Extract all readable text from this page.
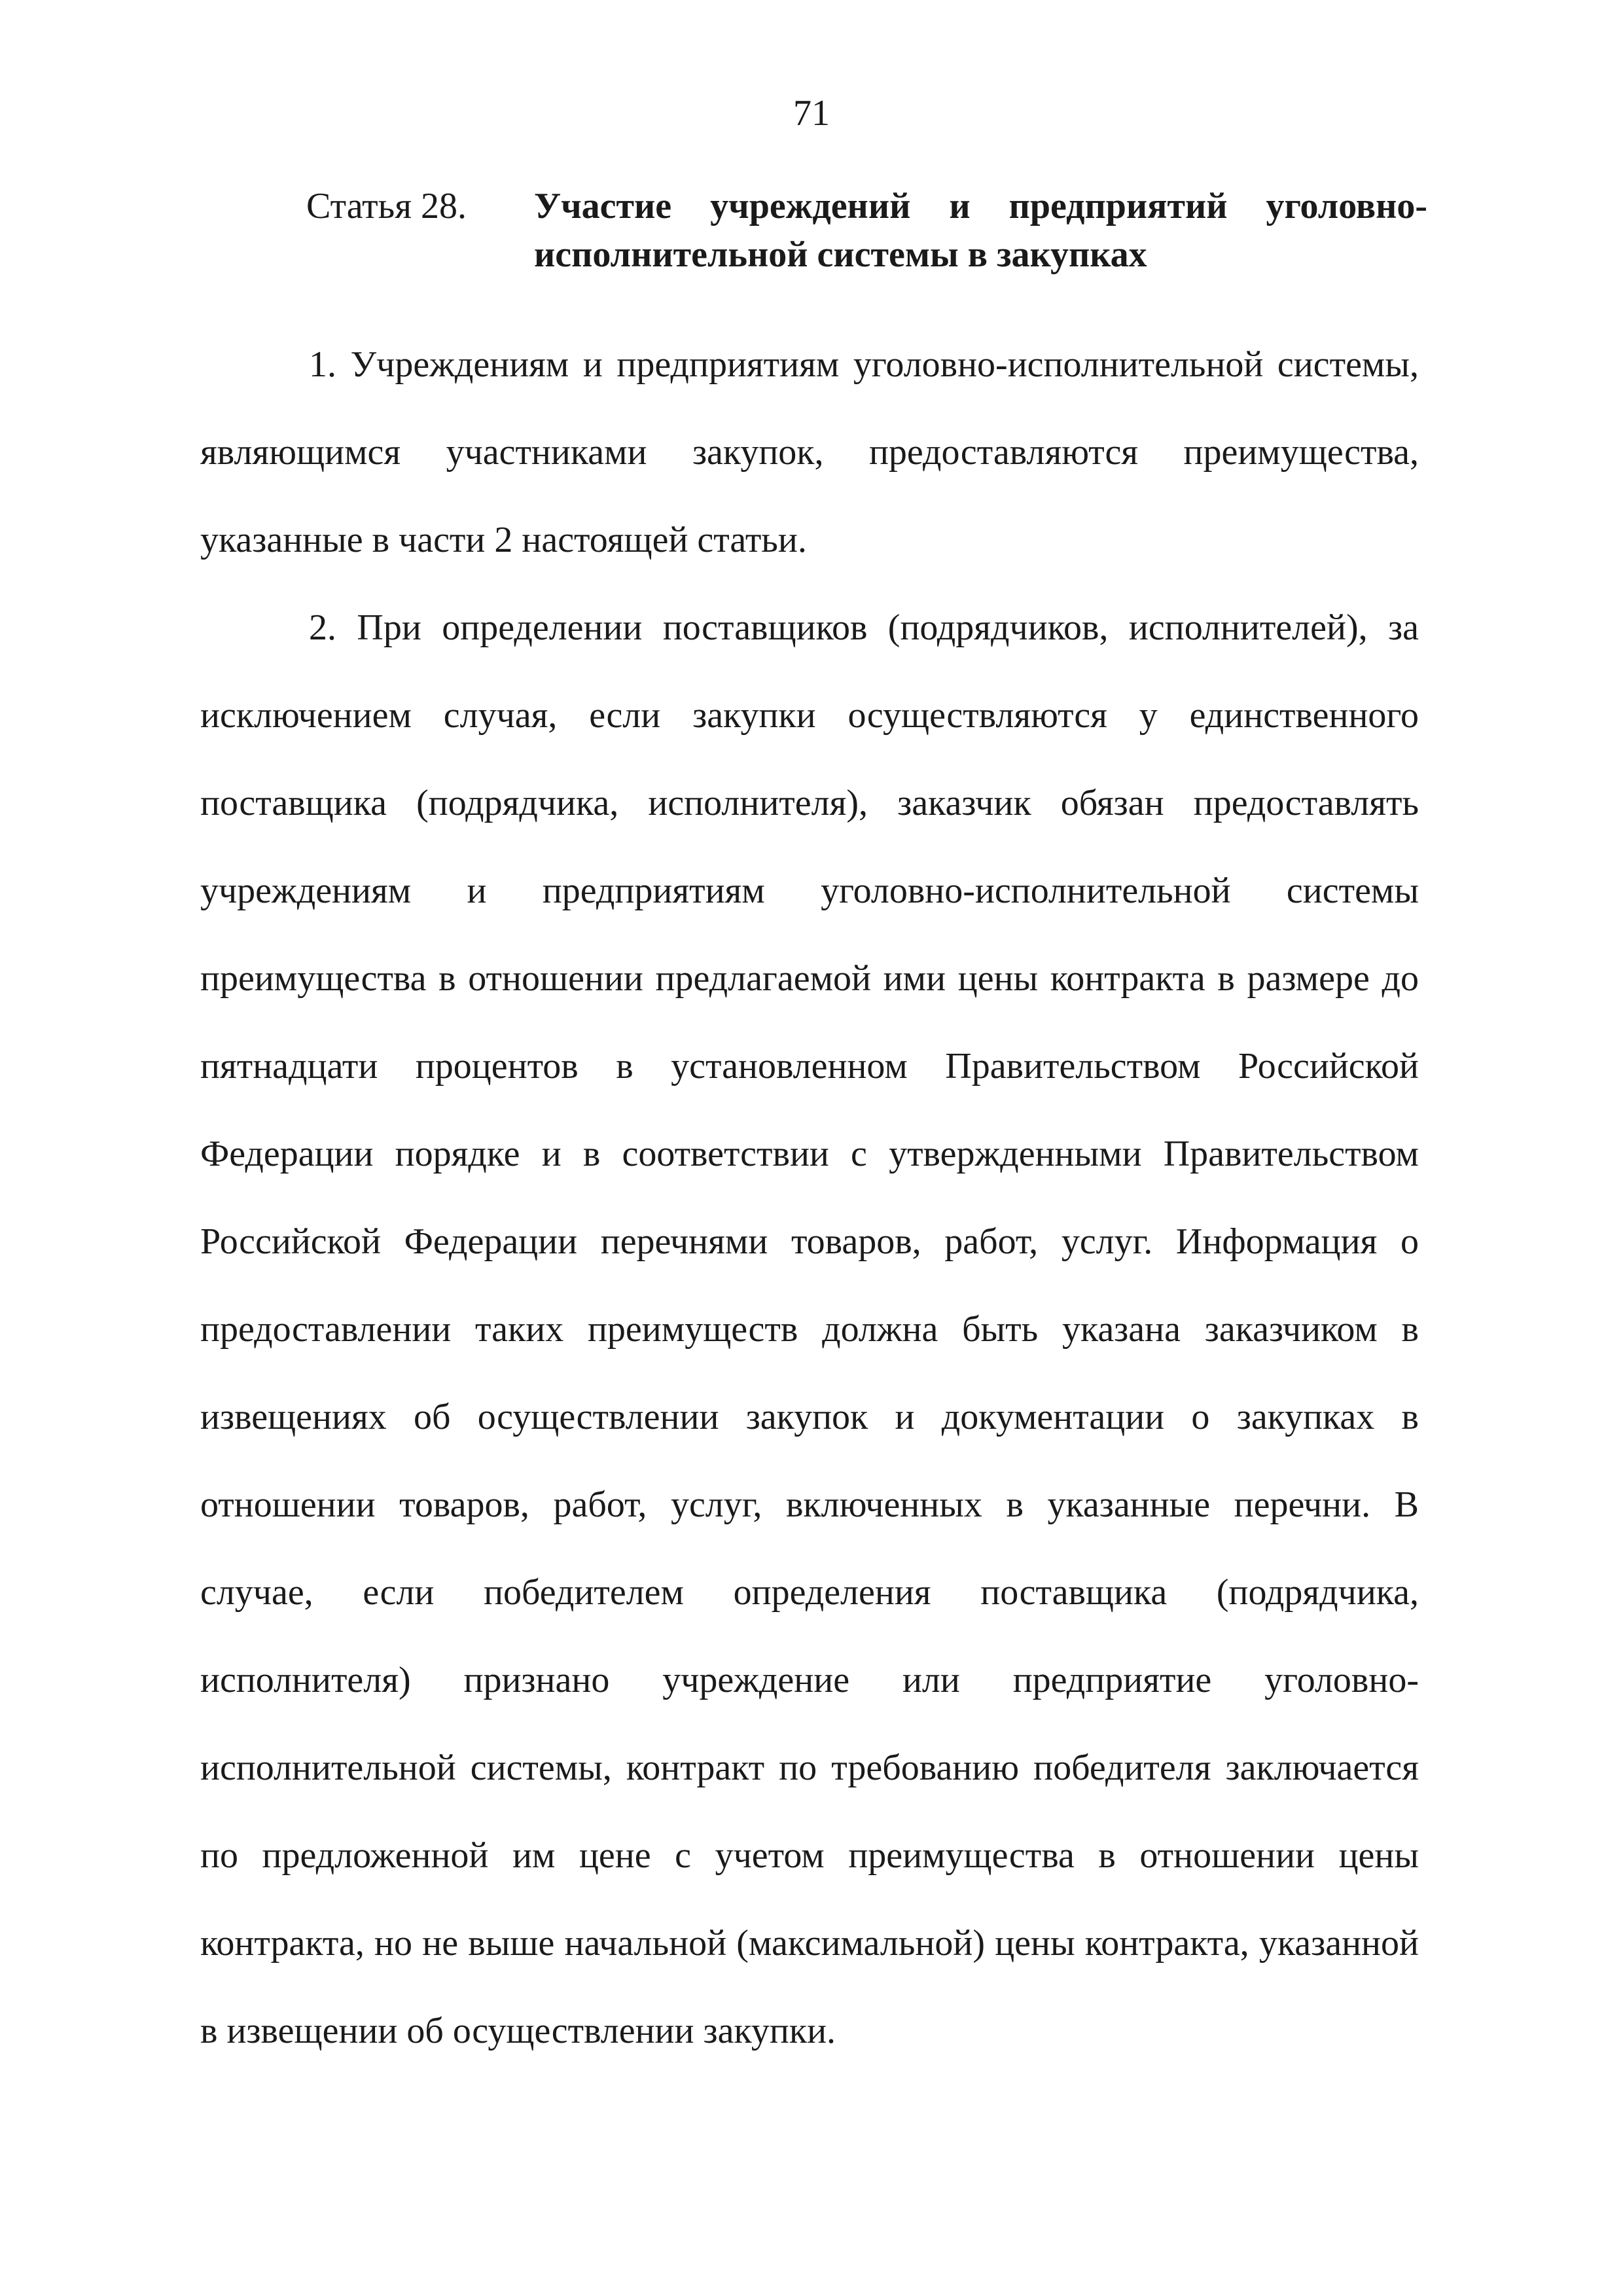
71
Статья 28. Участие учреждений и предприятий уголовно-исполнительной системы в закупках

1. Учреждениям и предприятиям уголовно-исполнительной системы, являющимся участниками закупок, предоставляются преимущества, указанные в части 2 настоящей статьи.

2. При определении поставщиков (подрядчиков, исполнителей), за исключением случая, если закупки осуществляются у единственного поставщика (подрядчика, исполнителя), заказчик обязан предоставлять учреждениям и предприятиям уголовно-исполнительной системы преимущества в отношении предлагаемой ими цены контракта в размере до пятнадцати процентов в установленном Правительством Российской Федерации порядке и в соответствии с утвержденными Правительством Российской Федерации перечнями товаров, работ, услуг. Информация о предоставлении таких преимуществ должна быть указана заказчиком в извещениях об осуществлении закупок и документации о закупках в отношении товаров, работ, услуг, включенных в указанные перечни. В случае, если победителем определения поставщика (подрядчика, исполнителя) признано учреждение или предприятие уголовно-исполнительной системы, контракт по требованию победителя заключается по предложенной им цене с учетом преимущества в отношении цены контракта, но не выше начальной (максимальной) цены контракта, указанной в извещении об осуществлении закупки.
